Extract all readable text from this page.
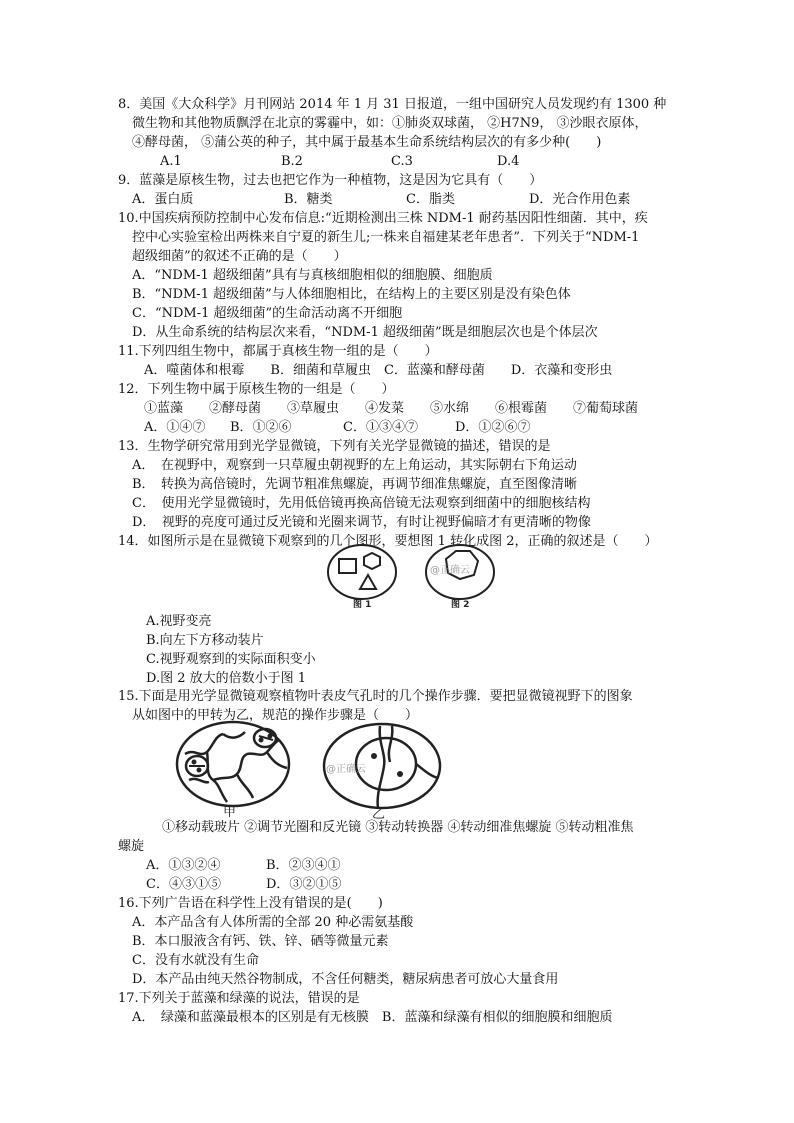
8．美国《大众科学》月刊网站 2014 年 1 月 31 日报道，一组中国研究人员发现约有 1300 种
微生物和其他物质飘浮在北京的雾霾中，如：①肺炎双球菌， ②H7N9， ③沙眼衣原体，
④酵母菌， ⑤蒲公英的种子，其中属于最基本生命系统结构层次的有多少种(　　)
A.1	B.2	C.3	D.4
9．蓝藻是原核生物，过去也把它作为一种植物，这是因为它具有（　　）
A．蛋白质	B．糖类	C．脂类	D．光合作用色素
10.中国疾病预防控制中心发布信息:“近期检测出三株 NDM-1 耐药基因阳性细菌．其中，疾
控中心实验室检出两株来自宁夏的新生儿;一株来自福建某老年患者”．下列关于“NDM-1
超级细菌”的叙述不正确的是（　　）
A．“NDM-1 超级细菌”具有与真核细胞相似的细胞膜、细胞质
B．“NDM-1 超级细菌”与人体细胞相比，在结构上的主要区别是没有染色体
C．“NDM-1 超级细菌”的生命活动离不开细胞
D．从生命系统的结构层次来看，“NDM-1 超级细菌”既是细胞层次也是个体层次
11.下列四组生物中，都属于真核生物一组的是（　　）
A．噬菌体和根霉　　B．细菌和草履虫　C．蓝藻和酵母菌　　D．衣藻和变形虫
12．下列生物中属于原核生物的一组是（　　）
①蓝藻　　②酵母菌　　③草履虫　　④发菜　　⑤水绵　　⑥根霉菌　　⑦葡萄球菌
A．①④⑦ B．①②⑥	C．①③④⑦	D．①②⑥⑦
13．生物学研究常用到光学显微镜，下列有关光学显微镜的描述，错误的是
A．　在视野中，观察到一只草履虫朝视野的左上角运动，其实际朝右下角运动
B．　转换为高倍镜时，先调节粗准焦螺旋，再调节细准焦螺旋，直至图像清晰
C．　使用光学显微镜时，先用低倍镜再换高倍镜无法观察到细菌中的细胞核结构
D．　视野的亮度可通过反光镜和光圈来调节，有时让视野偏暗才有更清晰的物像
14．如图所示是在显微镜下观察到的几个图形，要想图 1 转化成图 2，正确的叙述是（　　）
图 1
@正确云
图 2
A.视野变亮
B.向左下方移动装片
C.视野观察到的实际面积变小
D.图 2 放大的倍数小于图 1
15.下面是用光学显微镜观察植物叶表皮气孔时的几个操作步骤．要把显微镜视野下的图象
从如图中的甲转为乙，规范的操作步骤是（　　）
甲
@正确云
乙
①移动载玻片 ②调节光圈和反光镜 ③转动转换器 ④转动细准焦螺旋 ⑤转动粗准焦
螺旋
A．①③②④	B．②③④①
C．④③①⑤	D．③②①⑤
16.下列广告语在科学性上没有错误的是(　　)
A．本产品含有人体所需的全部 20 种必需氨基酸
B．本口服液含有钙、铁、锌、硒等微量元素
C．没有水就没有生命
D．本产品由纯天然谷物制成，不含任何糖类，糖尿病患者可放心大量食用
17.下列关于蓝藻和绿藻的说法，错误的是
A．　绿藻和蓝藻最根本的区别是有无核膜　B．蓝藻和绿藻有相似的细胞膜和细胞质
